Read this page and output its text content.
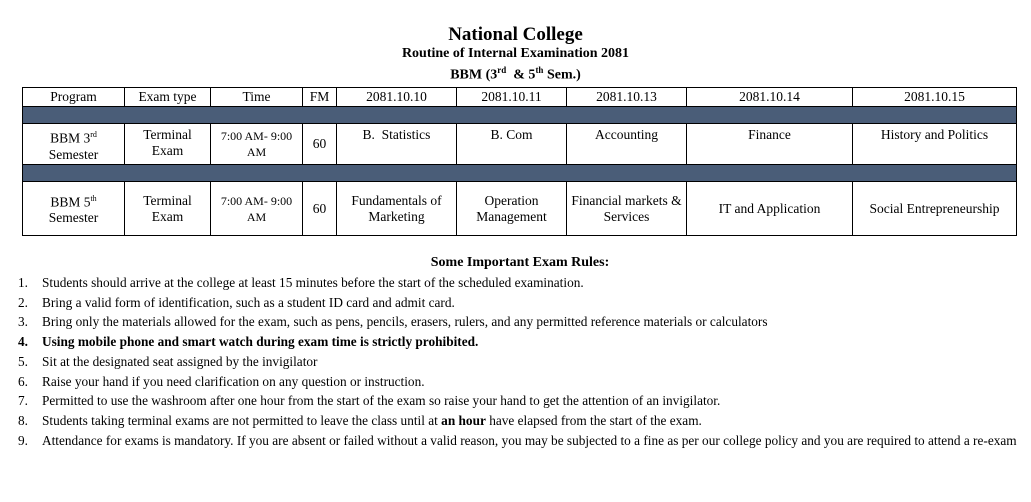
National College
Routine of Internal Examination 2081
BBM (3rd  & 5th Sem.)
Program	Exam type	Time	FM	2081.10.10	2081.10.11	2081.10.13	2081.10.14	2081.10.15

BBM 3rd
Semester	Terminal Exam	7:00 AM- 9:00 AM	60	B.  Statistics	B. Com	Accounting	Finance	History and Politics

BBM 5th
Semester	Terminal Exam	7:00 AM- 9:00 AM	60	Fundamentals of Marketing	Operation Management	Financial markets & Services	IT and Application	Social Entrepreneurship
Some Important Exam Rules:
1. Students should arrive at the college at least 15 minutes before the start of the scheduled examination.
2. Bring a valid form of identification, such as a student ID card and admit card.
3. Bring only the materials allowed for the exam, such as pens, pencils, erasers, rulers, and any permitted reference materials or calculators
4. Using mobile phone and smart watch during exam time is strictly prohibited.
5. Sit at the designated seat assigned by the invigilator
6. Raise your hand if you need clarification on any question or instruction.
7. Permitted to use the washroom after one hour from the start of the exam so raise your hand to get the attention of an invigilator.
8. Students taking terminal exams are not permitted to leave the class until at an hour have elapsed from the start of the exam.
9. Attendance for exams is mandatory. If you are absent or failed without a valid reason, you may be subjected to a fine as per our college policy and you are required to attend a re-exam
